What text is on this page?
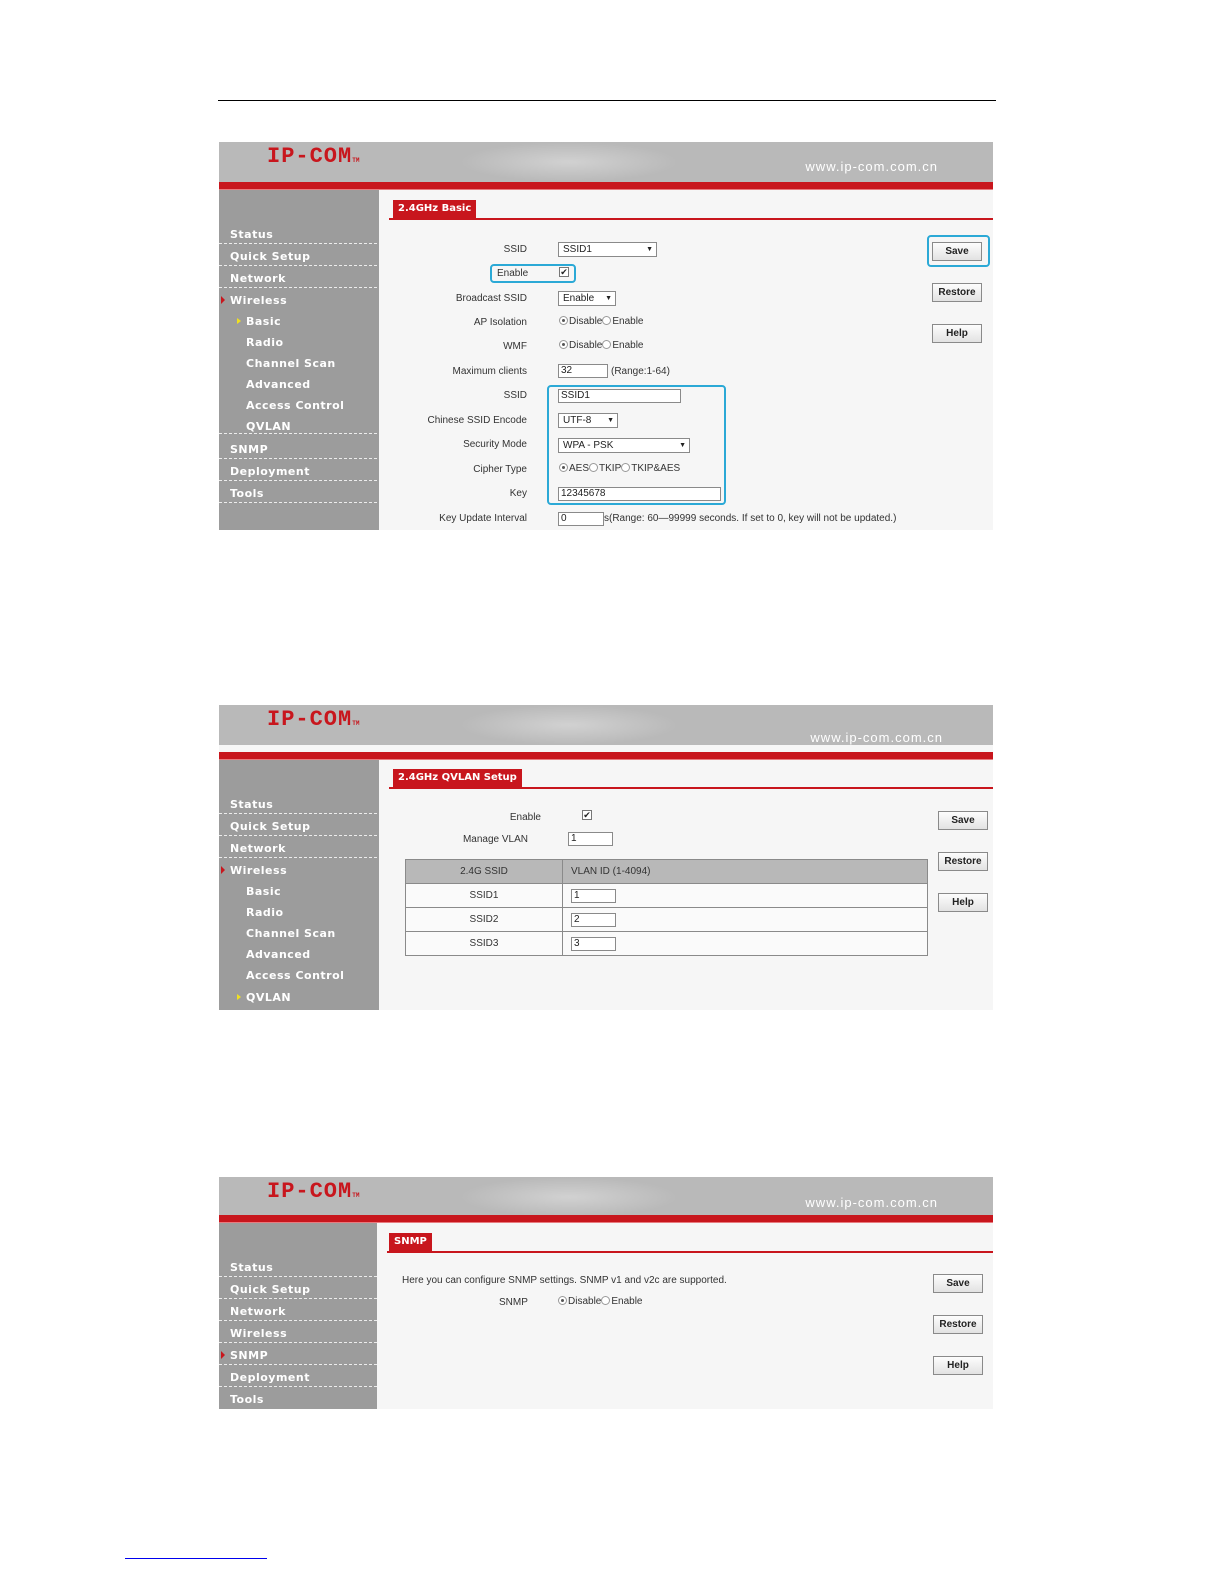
IP-COMTM	www.ip-com.com.cn
Status
Quick Setup
Network
Wireless
Basic
Radio
Channel Scan
Advanced
Access Control
QVLAN
SNMP
Deployment
Tools
2.4GHz Basic
SSID	SSID1	▼
Enable	✔
Broadcast SSID	Enable ▼
AP Isolation	Disable Enable
WMF	Disable Enable
Maximum clients	32	(Range:1-64)
SSID	SSID1
Chinese SSID Encode	UTF-8 ▼
Security Mode	WPA - PSK	▼
Cipher Type	AES TKIP TKIP&AES
Key	12345678
Key Update Interval	0	s(Range: 60—99999 seconds. If set to 0, key will not be updated.)
Save
Restore
Help
IP-COMTM
www.ip-com.com.cn
Status
Quick Setup
Network
Wireless
Basic
Radio
Channel Scan
Advanced
Access Control
QVLAN
2.4GHz QVLAN Setup
Enable	✔
Manage VLAN	1
2.4G SSID	VLAN ID (1-4094)
SSID1	1
SSID2	2
SSID3	3
Save
Restore
Help
IP-COMTM	www.ip-com.com.cn
Status
Quick Setup
Network
Wireless
SNMP
Deployment
Tools
SNMP
Here you can configure SNMP settings. SNMP v1 and v2c are supported.
SNMP	Disable Enable
Save
Restore
Help
